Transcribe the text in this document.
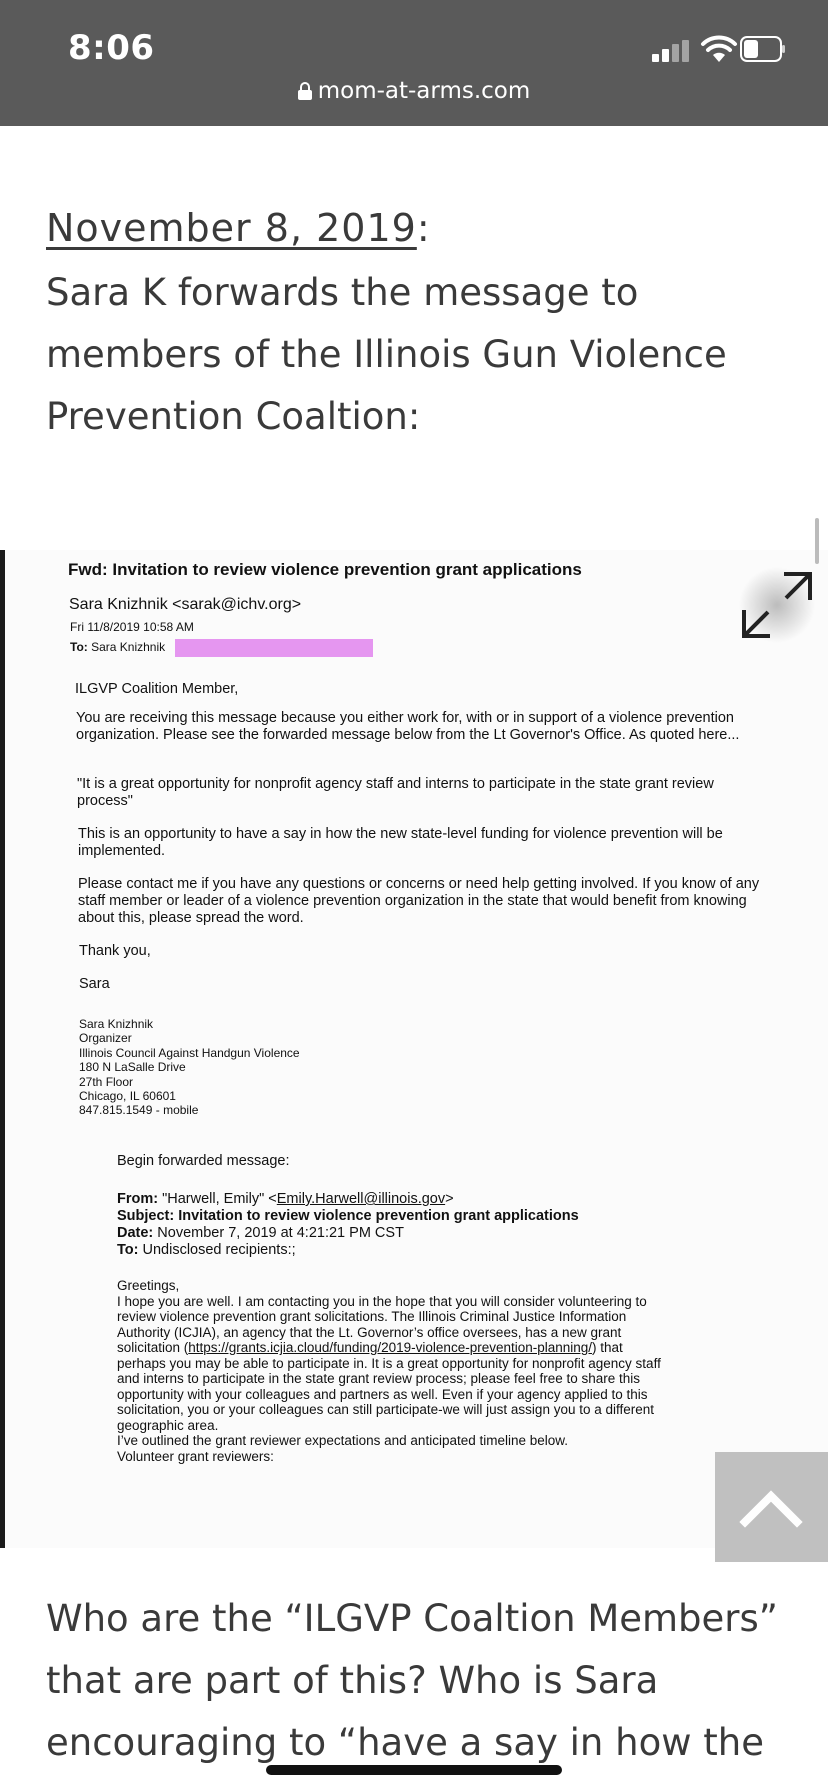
8:06
mom-at-arms.com
November 8, 2019:
Sara K forwards the message to members of the Illinois Gun Violence Prevention Coaltion:
Fwd: Invitation to review violence prevention grant applications
Sara Knizhnik <sarak@ichv.org>
Fri 11/8/2019 10:58 AM
To: Sara Knizhnik
ILGVP Coalition Member,
You are receiving this message because you either work for, with or in support of a violence prevention organization. Please see the forwarded message below from the Lt Governor's Office. As quoted here...
"It is a great opportunity for nonprofit agency staff and interns to participate in the state grant review process"
This is an opportunity to have a say in how the new state-level funding for violence prevention will be implemented.
Please contact me if you have any questions or concerns or need help getting involved. If you know of any staff member or leader of a violence prevention organization in the state that would benefit from knowing about this, please spread the word.
Thank you,
Sara
Sara Knizhnik
Organizer
Illinois Council Against Handgun Violence
180 N LaSalle Drive
27th Floor
Chicago, IL 60601
847.815.1549 - mobile
Begin forwarded message:
From: "Harwell, Emily" <Emily.Harwell@illinois.gov>
Subject: Invitation to review violence prevention grant applications
Date: November 7, 2019 at 4:21:21 PM CST
To: Undisclosed recipients:;
Greetings,
I hope you are well. I am contacting you in the hope that you will consider volunteering to
review violence prevention grant solicitations. The Illinois Criminal Justice Information
Authority (ICJIA), an agency that the Lt. Governor’s office oversees, has a new grant
solicitation (https://grants.icjia.cloud/funding/2019-violence-prevention-planning/) that
perhaps you may be able to participate in. It is a great opportunity for nonprofit agency staff
and interns to participate in the state grant review process; please feel free to share this
opportunity with your colleagues and partners as well. Even if your agency applied to this
solicitation, you or your colleagues can still participate-we will just assign you to a different
geographic area.
I’ve outlined the grant reviewer expectations and anticipated timeline below.
Volunteer grant reviewers:
Who are the “ILGVP Coaltion Members” that are part of this? Who is Sara encouraging to “have a say in how the
